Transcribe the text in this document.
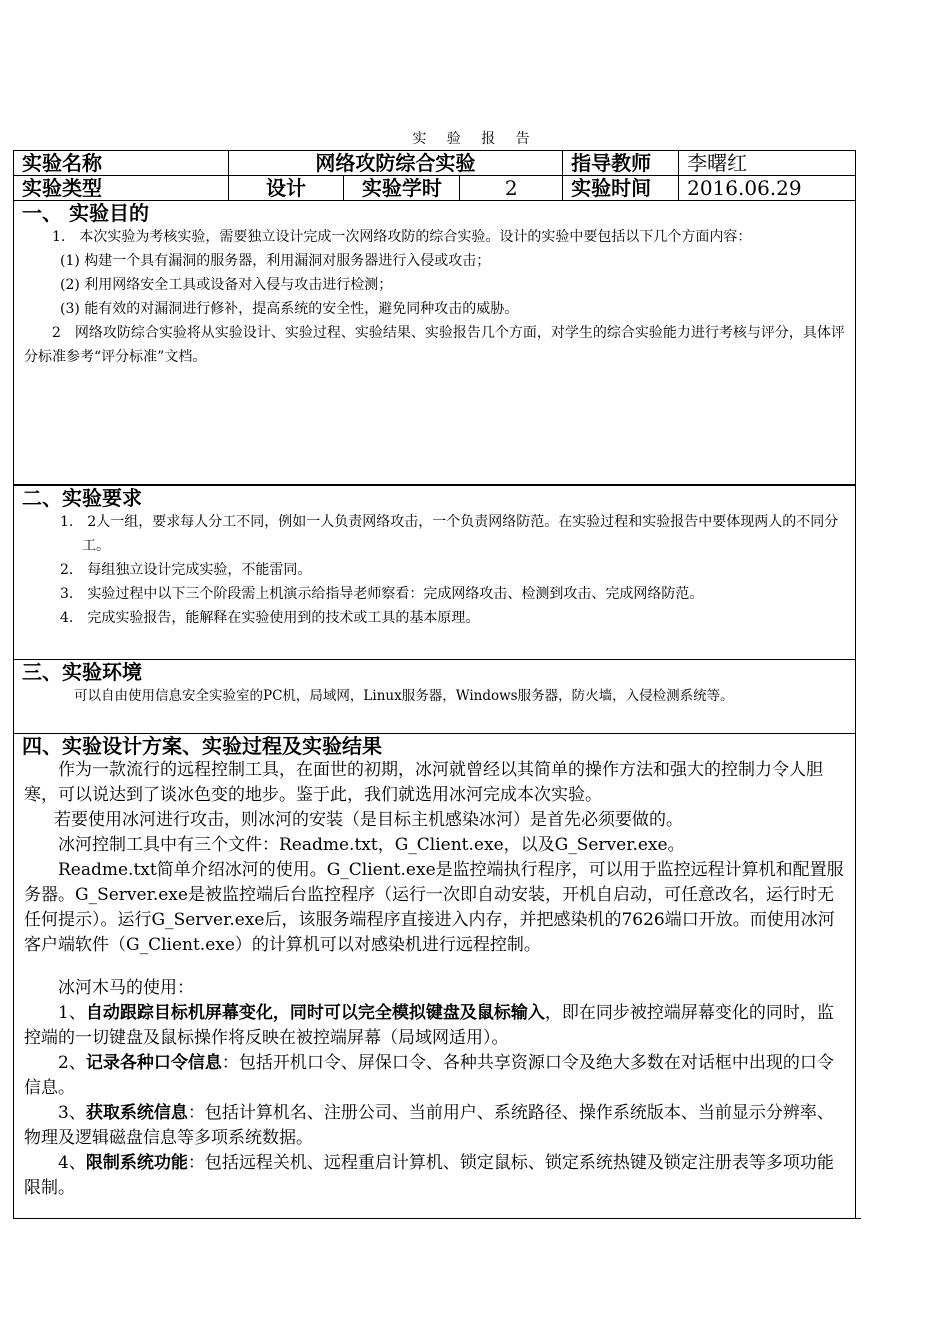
实 验 报 告
实验名称	网络攻防综合实验			指导教师	李曙红
实验类型	设计	实验学时	2	实验时间	2016.06.29
一、 实验目的

1.　本次实验为考核实验，需要独立设计完成一次网络攻防的综合实验。设计的实验中要包括以下几个方面内容：

(1) 构建一个具有漏洞的服务器，利用漏洞对服务器进行入侵或攻击；

(2) 利用网络安全工具或设备对入侵与攻击进行检测；

(3) 能有效的对漏洞进行修补，提高系统的安全性，避免同种攻击的威胁。

2　网络攻防综合实验将从实验设计、实验过程、实验结果、实验报告几个方面，对学生的综合实验能力进行考核与评分，具体评分标准参考“评分标准”文档。

二、实验要求

1.　2人一组，要求每人分工不同，例如一人负责网络攻击，一个负责网络防范。在实验过程和实验报告中要体现两人的不同分工。

2.　每组独立设计完成实验，不能雷同。

3.　实验过程中以下三个阶段需上机演示给指导老师察看：完成网络攻击、检测到攻击、完成网络防范。

4.　完成实验报告，能解释在实验使用到的技术或工具的基本原理。

三、实验环境

可以自由使用信息安全实验室的PC机，局域网，Linux服务器，Windows服务器，防火墙，入侵检测系统等。

四、实验设计方案、实验过程及实验结果

作为一款流行的远程控制工具，在面世的初期，冰河就曾经以其简单的操作方法和强大的控制力令人胆寒，可以说达到了谈冰色变的地步。鉴于此，我们就选用冰河完成本次实验。

若要使用冰河进行攻击，则冰河的安装（是目标主机感染冰河）是首先必须要做的。

冰河控制工具中有三个文件：Readme.txt，G_Client.exe，以及G_Server.exe。

Readme.txt简单介绍冰河的使用。G_Client.exe是监控端执行程序，可以用于监控远程计算机和配置服务器。G_Server.exe是被监控端后台监控程序（运行一次即自动安装，开机自启动，可任意改名，运行时无任何提示）。运行G_Server.exe后，该服务端程序直接进入内存，并把感染机的7626端口开放。而使用冰河客户端软件（G_Client.exe）的计算机可以对感染机进行远程控制。

冰河木马的使用：

1、自动跟踪目标机屏幕变化，同时可以完全模拟键盘及鼠标输入，即在同步被控端屏幕变化的同时，监控端的一切键盘及鼠标操作将反映在被控端屏幕（局域网适用）。

2、记录各种口令信息：包括开机口令、屏保口令、各种共享资源口令及绝大多数在对话框中出现的口令信息。

3、获取系统信息：包括计算机名、注册公司、当前用户、系统路径、操作系统版本、当前显示分辨率、物理及逻辑磁盘信息等多项系统数据。

4、限制系统功能：包括远程关机、远程重启计算机、锁定鼠标、锁定系统热键及锁定注册表等多项功能限制。
